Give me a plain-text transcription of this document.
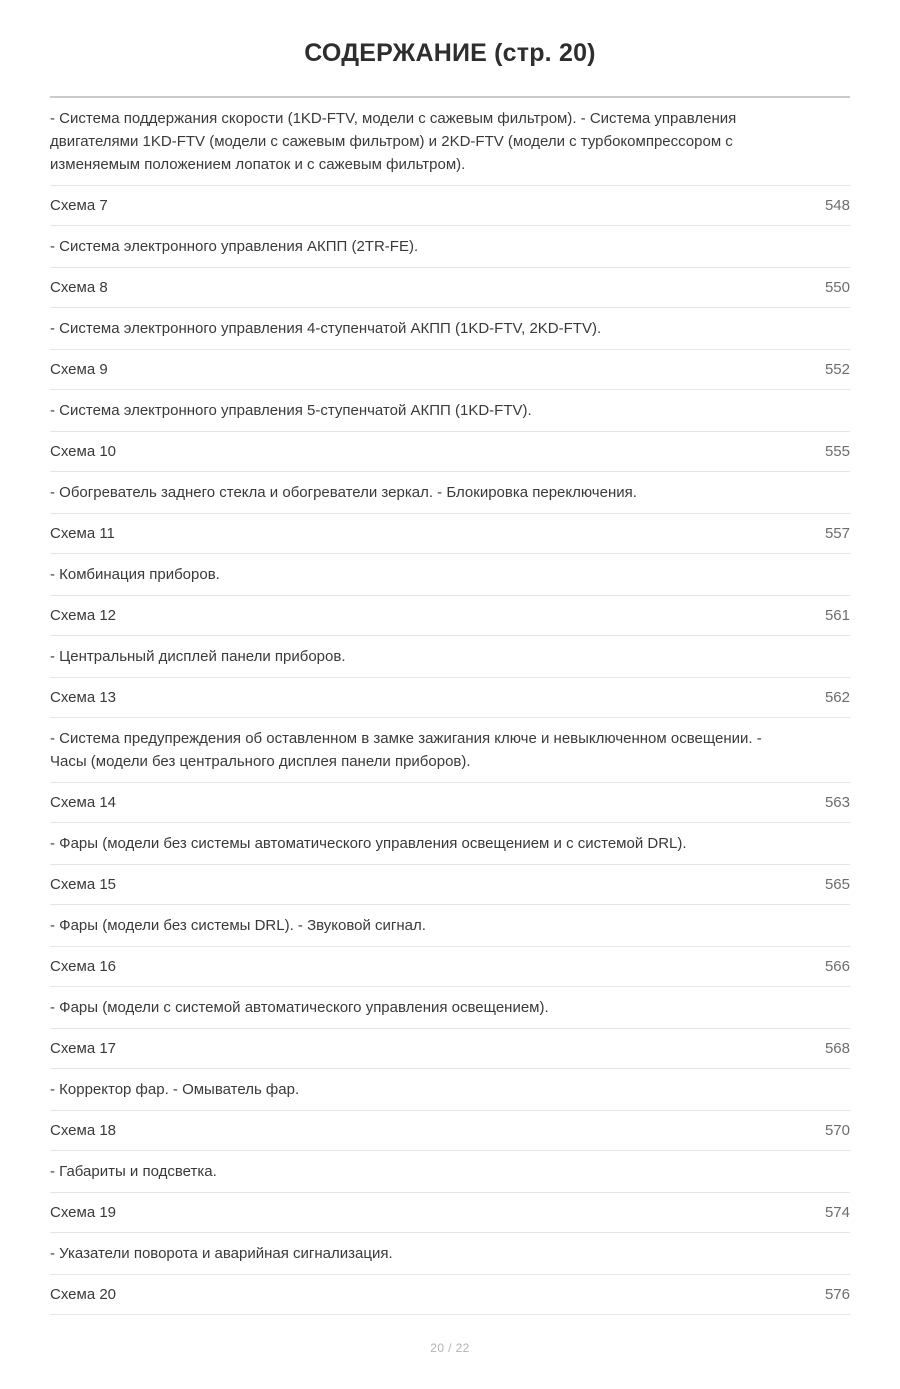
СОДЕРЖАНИЕ (стр. 20)
- Система поддержания скорости (1KD-FTV, модели с сажевым фильтром). - Система управления двигателями 1KD-FTV (модели с сажевым фильтром) и 2KD-FTV (модели с турбокомпрессором с изменяемым положением лопаток и с сажевым фильтром).
Схема 7	548
- Система электронного управления АКПП (2TR-FE).
Схема 8	550
- Система электронного управления 4-ступенчатой АКПП (1KD-FTV, 2KD-FTV).
Схема 9	552
- Система электронного управления 5-ступенчатой АКПП (1KD-FTV).
Схема 10	555
- Обогреватель заднего стекла и обогреватели зеркал. - Блокировка переключения.
Схема 11	557
- Комбинация приборов.
Схема 12	561
- Центральный дисплей панели приборов.
Схема 13	562
- Система предупреждения об оставленном в замке зажигания ключе и невыключенном освещении. - Часы (модели без центрального дисплея панели приборов).
Схема 14	563
- Фары (модели без системы автоматического управления освещением и с системой DRL).
Схема 15	565
- Фары (модели без системы DRL). - Звуковой сигнал.
Схема 16	566
- Фары (модели с системой автоматического управления освещением).
Схема 17	568
- Корректор фар. - Омыватель фар.
Схема 18	570
- Габариты и подсветка.
Схема 19	574
- Указатели поворота и аварийная сигнализация.
Схема 20	576
20 / 22
